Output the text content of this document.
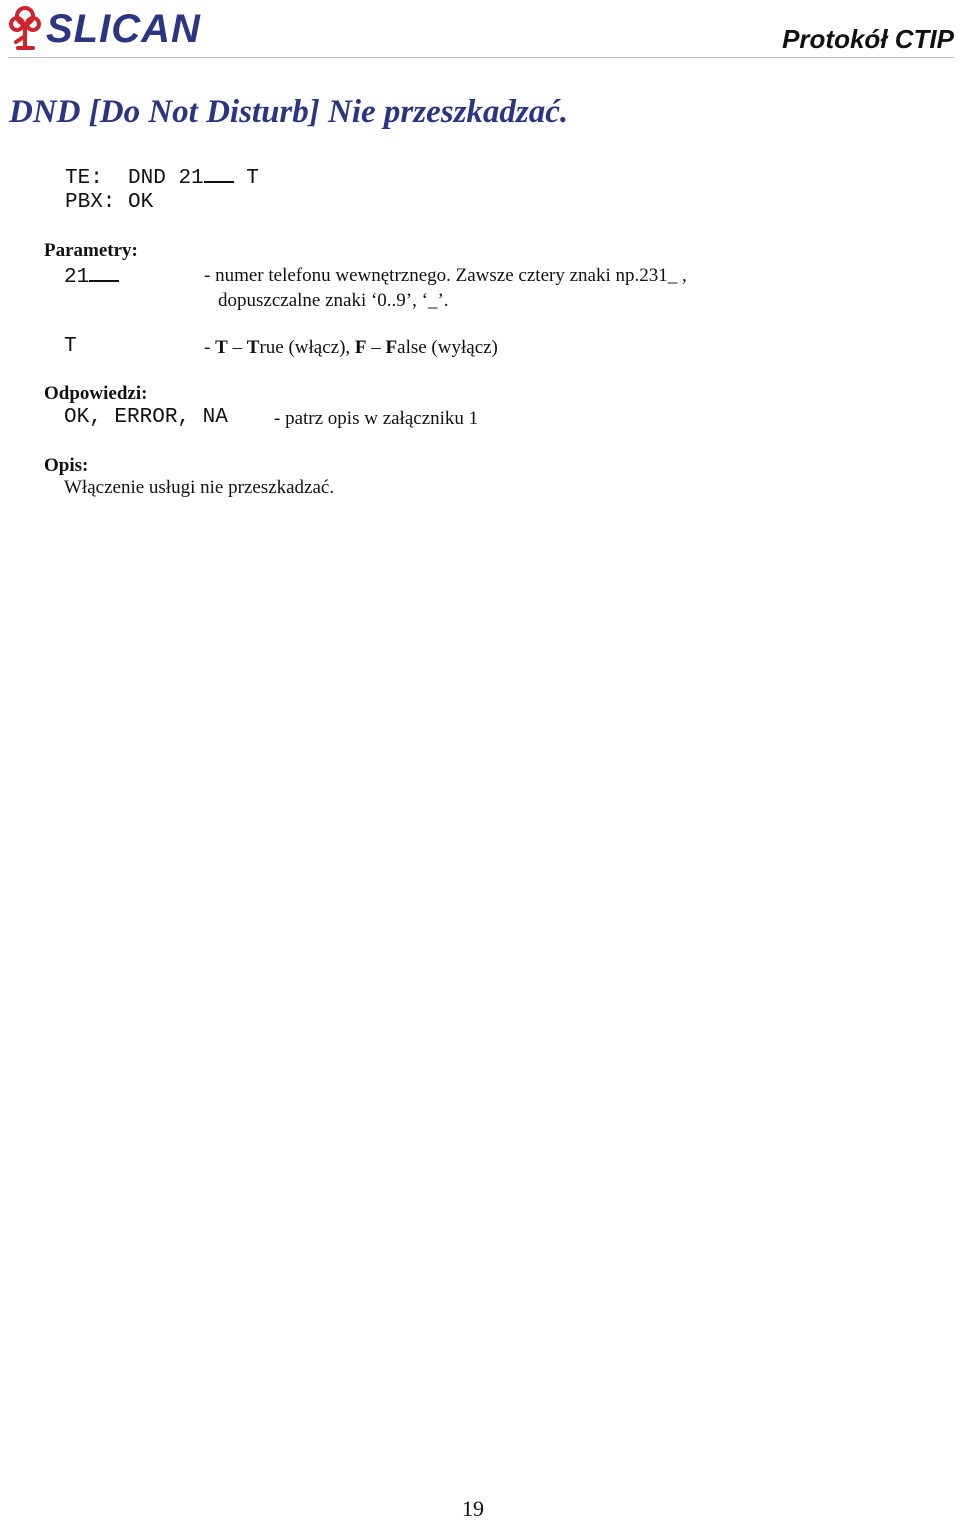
SLICAN	Protokół CTIP
DND [Do Not Disturb] Nie przeszkadzać.
TE: DND 21 T
PBX: OK
Parametry:
21	- numer telefonu wewnętrznego. Zawsze cztery znaki np.231_ ,
dopuszczalne znaki ‘0..9’, ‘_’.
T	- T – True (włącz), F – False (wyłącz)
Odpowiedzi:
OK, ERROR, NA - patrz opis w załączniku 1
Opis:
Włączenie usługi nie przeszkadzać.
19
